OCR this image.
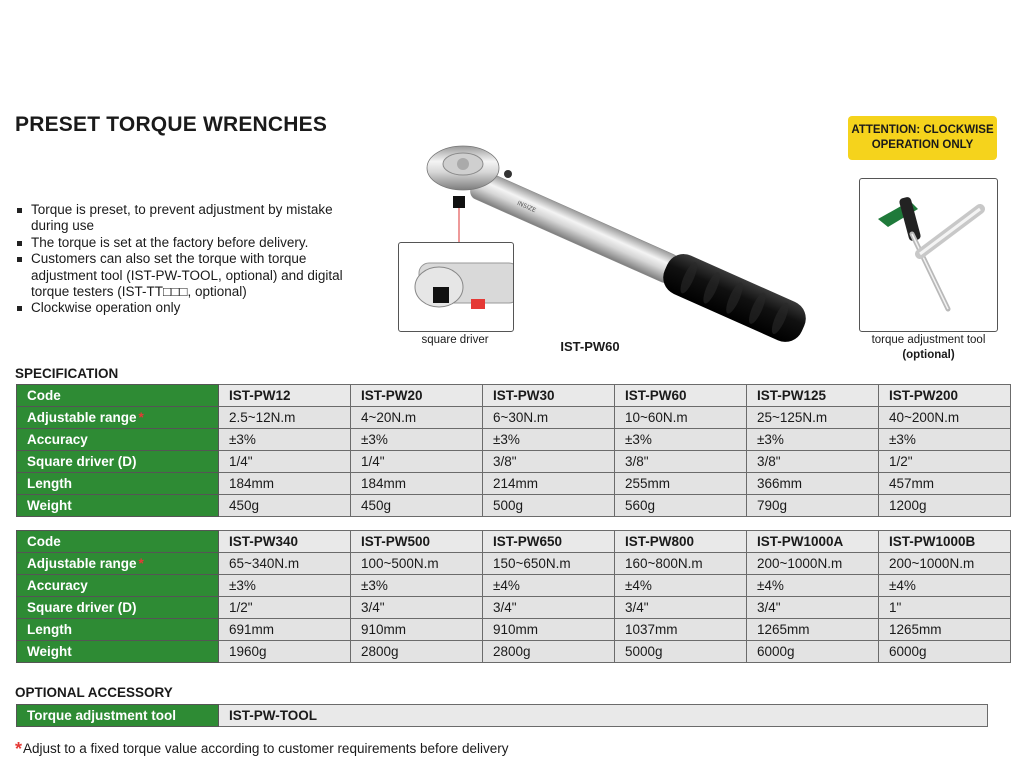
PRESET TORQUE WRENCHES
Torque is preset, to prevent adjustment by mistake during use
The torque is set at the factory before delivery.
Customers can also set the torque with torque adjustment tool (IST-PW-TOOL, optional) and digital torque testers (IST-TT□□□, optional)
Clockwise operation only
ATTENTION: CLOCKWISE OPERATION ONLY
INSIZE
square driver	IST-PW60	torque adjustment tool
(optional)
SPECIFICATION
Code	IST-PW12	IST-PW20	IST-PW30	IST-PW60	IST-PW125	IST-PW200
Adjustable range *	2.5~12N.m	4~20N.m	6~30N.m	10~60N.m	25~125N.m	40~200N.m
Accuracy	±3%	±3%	±3%	±3%	±3%	±3%
Square driver (D)	1/4"	1/4"	3/8"	3/8"	3/8"	1/2"
Length	184mm	184mm	214mm	255mm	366mm	457mm
Weight	450g	450g	500g	560g	790g	1200g
Code	IST-PW340	IST-PW500	IST-PW650	IST-PW800	IST-PW1000A	IST-PW1000B
Adjustable range *	65~340N.m	100~500N.m	150~650N.m	160~800N.m	200~1000N.m	200~1000N.m
Accuracy	±3%	±3%	±4%	±4%	±4%	±4%
Square driver (D)	1/2"	3/4"	3/4"	3/4"	3/4"	1"
Length	691mm	910mm	910mm	1037mm	1265mm	1265mm
Weight	1960g	2800g	2800g	5000g	6000g	6000g
OPTIONAL ACCESSORY
Torque adjustment tool	IST-PW-TOOL
*Adjust to a fixed torque value according to customer requirements before delivery
